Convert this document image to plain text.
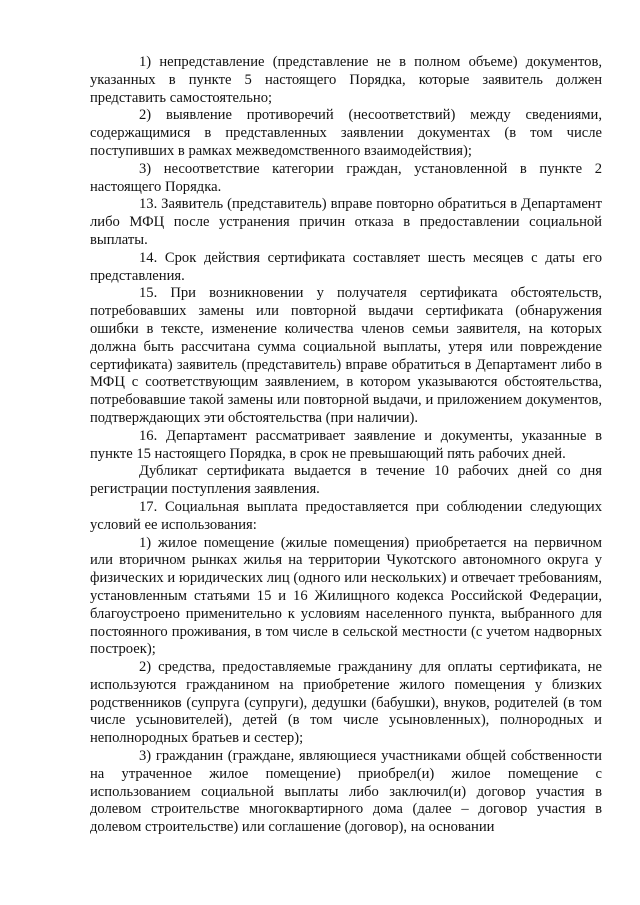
1) непредставление (представление не в полном объеме) документов, указанных в пункте 5 настоящего Порядка, которые заявитель должен представить самостоятельно;

2) выявление противоречий (несоответствий) между сведениями, содержащимися в представленных заявлении документах (в том числе поступивших в рамках межведомственного взаимодействия);

3) несоответствие категории граждан, установленной в пункте 2 настоящего Порядка.

13. Заявитель (представитель) вправе повторно обратиться в Департамент либо МФЦ после устранения причин отказа в предоставлении социальной выплаты.

14. Срок действия сертификата составляет шесть месяцев с даты его представления.

15. При возникновении у получателя сертификата обстоятельств, потребовавших замены или повторной выдачи сертификата (обнаружения ошибки в тексте, изменение количества членов семьи заявителя, на которых должна быть рассчитана сумма социальной выплаты, утеря или повреждение сертификата) заявитель (представитель) вправе обратиться в Департамент либо в МФЦ с соответствующим заявлением, в котором указываются обстоятельства, потребовавшие такой замены или повторной выдачи, и приложением документов, подтверждающих эти обстоятельства (при наличии).

16. Департамент рассматривает заявление и документы, указанные в пункте 15 настоящего Порядка, в срок не превышающий пять рабочих дней.

Дубликат сертификата выдается в течение 10 рабочих дней со дня регистрации поступления заявления.

17. Социальная выплата предоставляется при соблюдении следующих условий ее использования:

1) жилое помещение (жилые помещения) приобретается на первичном или вторичном рынках жилья на территории Чукотского автономного округа у физических и юридических лиц (одного или нескольких) и отвечает требованиям, установленным статьями 15 и 16 Жилищного кодекса Российской Федерации, благоустроено применительно к условиям населенного пункта, выбранного для постоянного проживания, в том числе в сельской местности (с учетом надворных построек);

2) средства, предоставляемые гражданину для оплаты сертификата, не используются гражданином на приобретение жилого помещения у близких родственников (супруга (супруги), дедушки (бабушки), внуков, родителей (в том числе усыновителей), детей (в том числе усыновленных), полнородных и неполнородных братьев и сестер);

3) гражданин (граждане, являющиеся участниками общей собственности на утраченное жилое помещение) приобрел(и) жилое помещение с использованием социальной выплаты либо заключил(и) договор участия в долевом строительстве многоквартирного дома (далее – договор участия в долевом строительстве) или соглашение (договор), на основании
